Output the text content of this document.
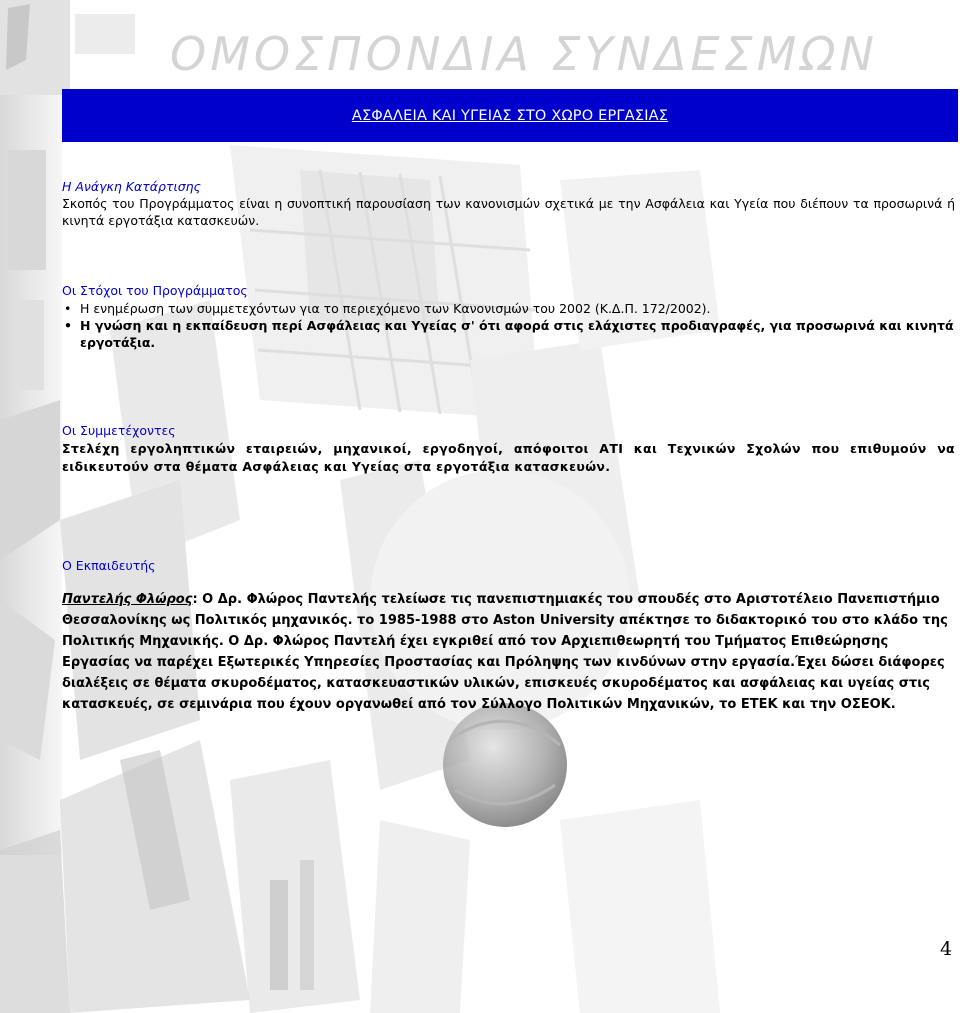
ΟΜΟΣΠΟΝΔΙΑ ΣΥΝΔΕΣΜΩΝ
ΑΣΦΑΛΕΙΑ ΚΑΙ ΥΓΕΙΑΣ ΣΤΟ ΧΩΡΟ ΕΡΓΑΣΙΑΣ
Η Ανάγκη Κατάρτισης
Σκοπός του Προγράμματος είναι η συνοπτική παρουσίαση των κανονισμών σχετικά με την Ασφάλεια και Υγεία που διέπουν τα προσωρινά ή κινητά εργοτάξια κατασκευών.
Οι Στόχοι του Προγράμματος
• Η ενημέρωση των συμμετεχόντων για το περιεχόμενο των Κανονισμών του 2002 (Κ.Δ.Π. 172/2002).
• Η γνώση και η εκπαίδευση περί Ασφάλειας και Υγείας σ' ότι αφορά στις ελάχιστες προδιαγραφές, για προσωρινά και κινητά εργοτάξια.
Οι Συμμετέχοντες
Στελέχη εργοληπτικών εταιρειών, μηχανικοί, εργοδηγοί, απόφοιτοι ΑΤΙ και Τεχνικών Σχολών που επιθυμούν να ειδικευτούν στα θέματα Ασφάλειας και Υγείας στα εργοτάξια κατασκευών.
Ο Εκπαιδευτής
Παντελής Φλώρος: Ο Δρ. Φλώρος Παντελής τελείωσε τις πανεπιστημιακές του σπουδές στο Αριστοτέλειο Πανεπιστήμιο Θεσσαλονίκης ως Πολιτικός μηχανικός. το 1985-1988 στο Aston University απέκτησε το διδακτορικό του στο κλάδο της Πολιτικής Μηχανικής. Ο Δρ. Φλώρος Παντελή έχει εγκριθεί από τον Αρχιεπιθεωρητή του Τμήματος Επιθεώρησης Εργασίας να παρέχει Εξωτερικές Υπηρεσίες Προστασίας και Πρόληψης των κινδύνων στην εργασία.Έχει δώσει διάφορες διαλέξεις σε θέματα σκυροδέματος, κατασκευαστικών υλικών, επισκευές σκυροδέματος και ασφάλειας και υγείας στις κατασκευές, σε σεμινάρια που έχουν οργανωθεί από τον Σύλλογο Πολιτικών Μηχανικών, το ΕΤΕΚ και την ΟΣΕΟΚ.
4
